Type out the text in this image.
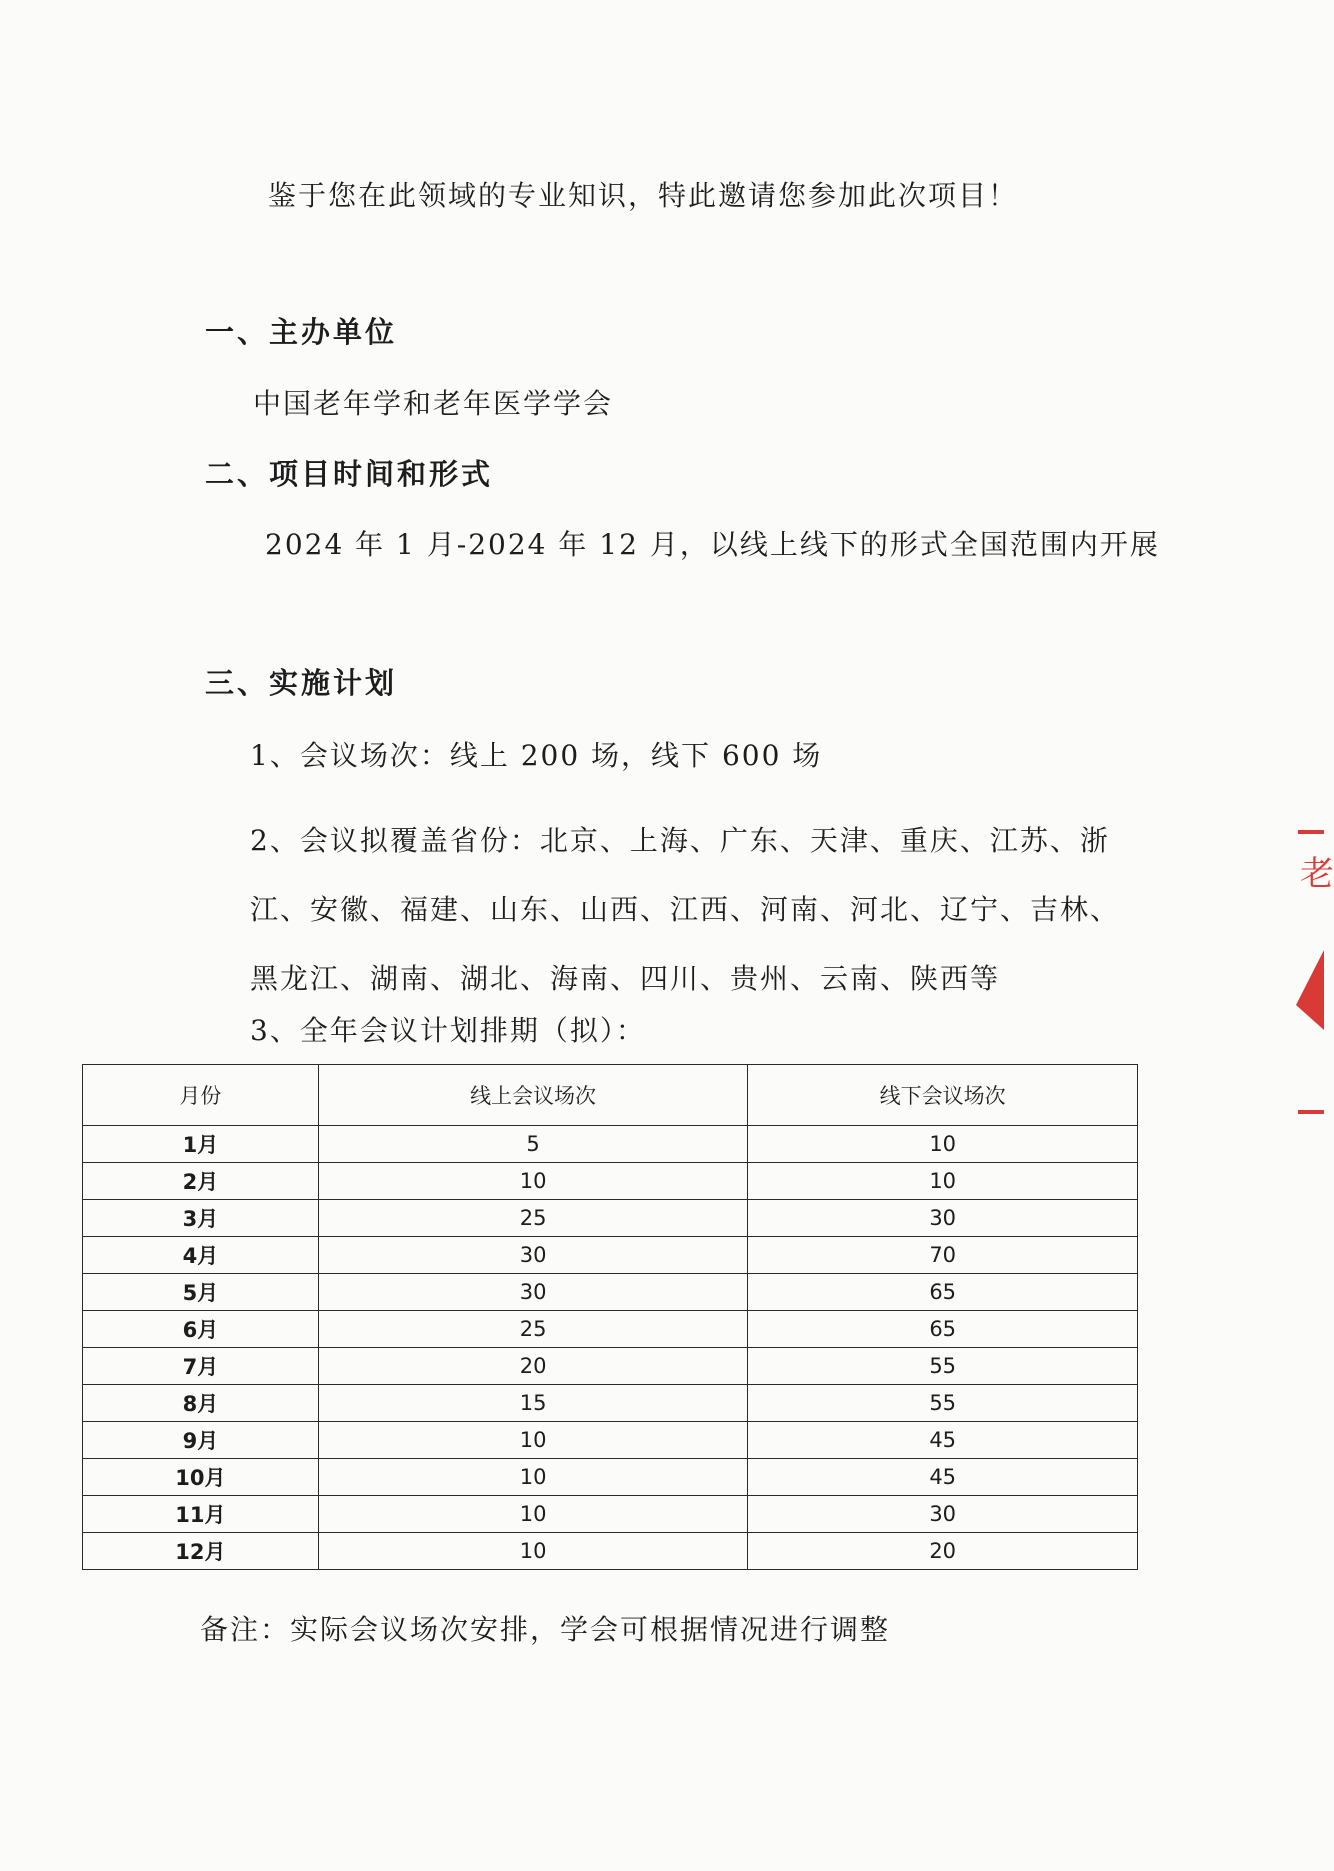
鉴于您在此领域的专业知识，特此邀请您参加此次项目！
一、主办单位
中国老年学和老年医学学会
二、项目时间和形式
2024 年 1 月-2024 年 12 月，以线上线下的形式全国范围内开展
三、实施计划
1、会议场次：线上 200 场，线下 600 场
2、会议拟覆盖省份：北京、上海、广东、天津、重庆、江苏、浙江、安徽、福建、山东、山西、江西、河南、河北、辽宁、吉林、黑龙江、湖南、湖北、海南、四川、贵州、云南、陕西等
3、全年会议计划排期（拟）：
月份	线上会议场次	线下会议场次
1月	5	10
2月	10	10
3月	25	30
4月	30	70
5月	30	65
6月	25	65
7月	20	55
8月	15	55
9月	10	45
10月	10	45
11月	10	30
12月	10	20
备注：实际会议场次安排，学会可根据情况进行调整
老
